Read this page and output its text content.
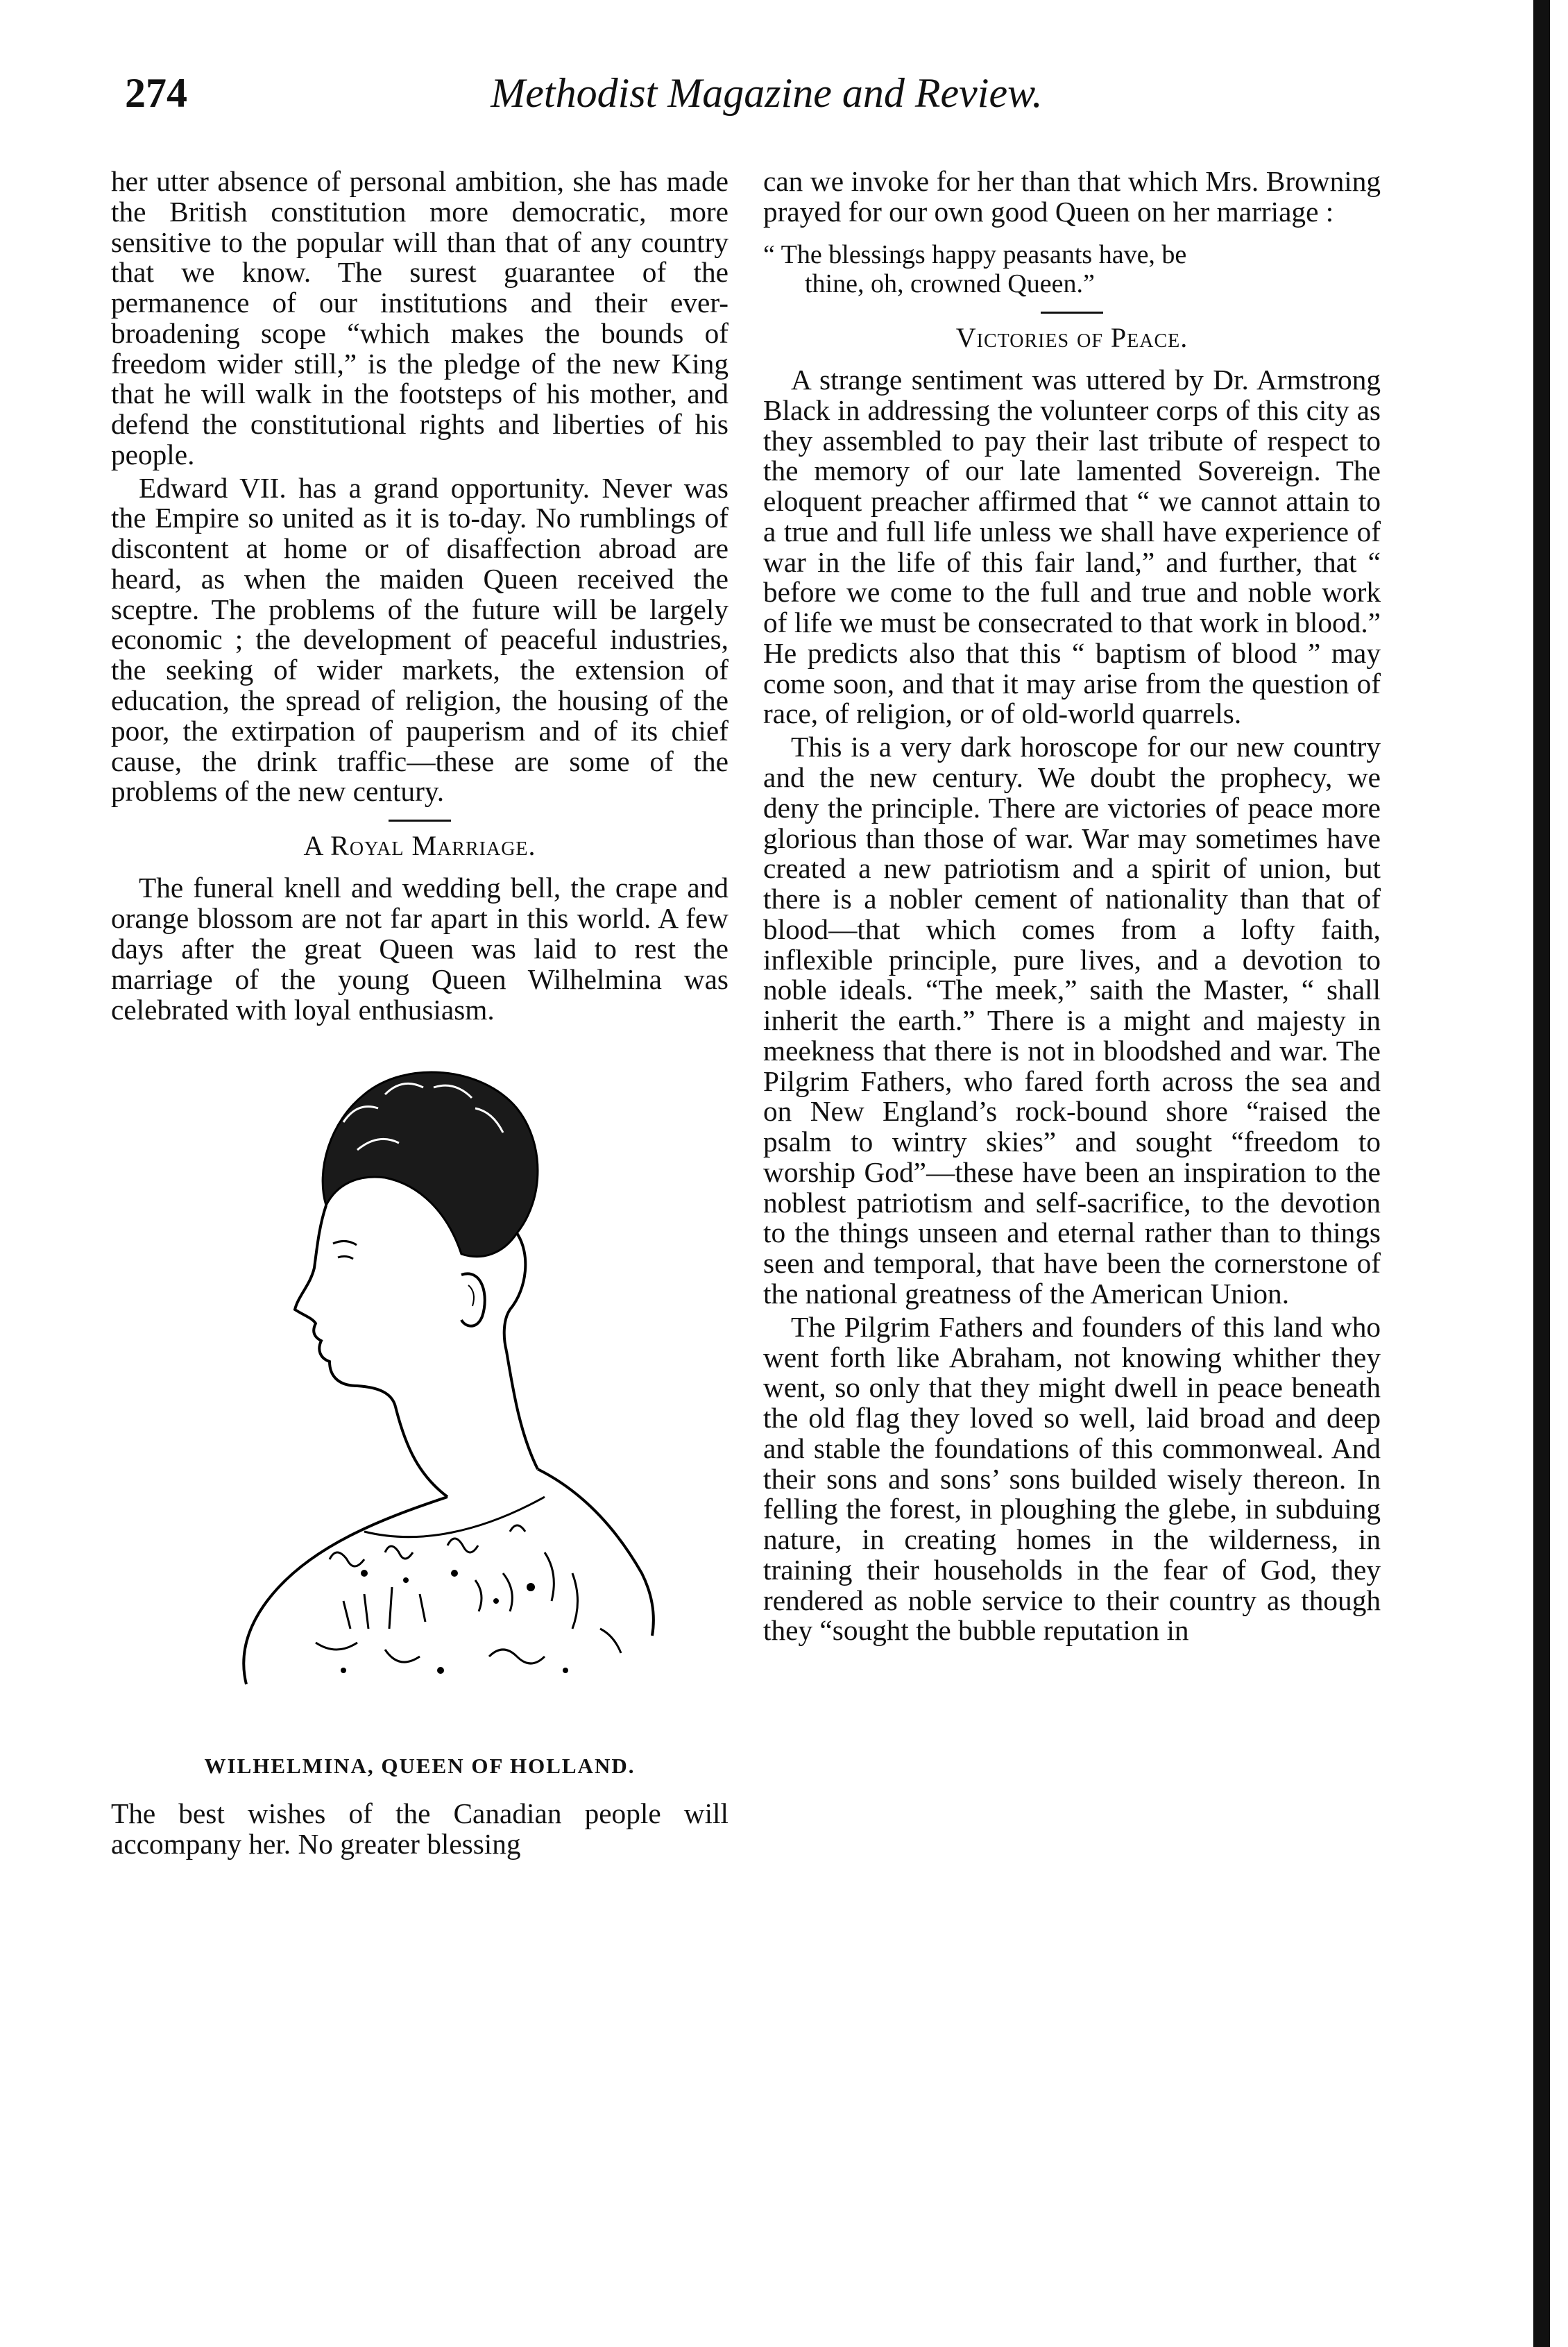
274	Methodist Magazine and Review.

her utter absence of personal ambition, she has made the British constitution more democratic, more sensitive to the popular will than that of any country that we know. The surest guarantee of the permanence of our institutions and their ever-broadening scope “which makes the bounds of freedom wider still,” is the pledge of the new King that he will walk in the footsteps of his mother, and defend the constitutional rights and liberties of his people.

Edward VII. has a grand opportunity. Never was the Empire so united as it is to-day. No rumblings of discontent at home or of disaffection abroad are heard, as when the maiden Queen received the sceptre. The problems of the future will be largely economic ; the development of peaceful industries, the seeking of wider markets, the extension of education, the spread of religion, the housing of the poor, the extirpation of pauperism and of its chief cause, the drink traffic—these are some of the problems of the new century.

A Royal Marriage.

The funeral knell and wedding bell, the crape and orange blossom are not far apart in this world. A few days after the great Queen was laid to rest the marriage of the young Queen Wilhelmina was celebrated with loyal enthusiasm.

WILHELMINA, QUEEN OF HOLLAND.

The best wishes of the Canadian people will accompany her. No greater blessing

can we invoke for her than that which Mrs. Browning prayed for our own good Queen on her marriage :

“ The blessings happy peasants have, be
thine, oh, crowned Queen.”
Victories of Peace.

A strange sentiment was uttered by Dr. Armstrong Black in addressing the volunteer corps of this city as they assembled to pay their last tribute of respect to the memory of our late lamented Sovereign. The eloquent preacher affirmed that “ we cannot attain to a true and full life unless we shall have experience of war in the life of this fair land,” and further, that “ before we come to the full and true and noble work of life we must be consecrated to that work in blood.” He predicts also that this “ baptism of blood ” may come soon, and that it may arise from the question of race, of religion, or of old-world quarrels.

This is a very dark horoscope for our new country and the new century. We doubt the prophecy, we deny the principle. There are victories of peace more glorious than those of war. War may sometimes have created a new patriotism and a spirit of union, but there is a nobler cement of nationality than that of blood—that which comes from a lofty faith, inflexible principle, pure lives, and a devotion to noble ideals. “The meek,” saith the Master, “ shall inherit the earth.” There is a might and majesty in meekness that there is not in bloodshed and war. The Pilgrim Fathers, who fared forth across the sea and on New England’s rock-bound shore “raised the psalm to wintry skies” and sought “freedom to worship God”—these have been an inspiration to the noblest patriotism and self-sacrifice, to the devotion to the things unseen and eternal rather than to things seen and temporal, that have been the cornerstone of the national greatness of the American Union.

The Pilgrim Fathers and founders of this land who went forth like Abraham, not knowing whither they went, so only that they might dwell in peace beneath the old flag they loved so well, laid broad and deep and stable the foundations of this commonweal. And their sons and sons’ sons builded wisely thereon. In felling the forest, in ploughing the glebe, in subduing nature, in creating homes in the wilderness, in training their households in the fear of God, they rendered as noble service to their country as though they “sought the bubble reputation in
